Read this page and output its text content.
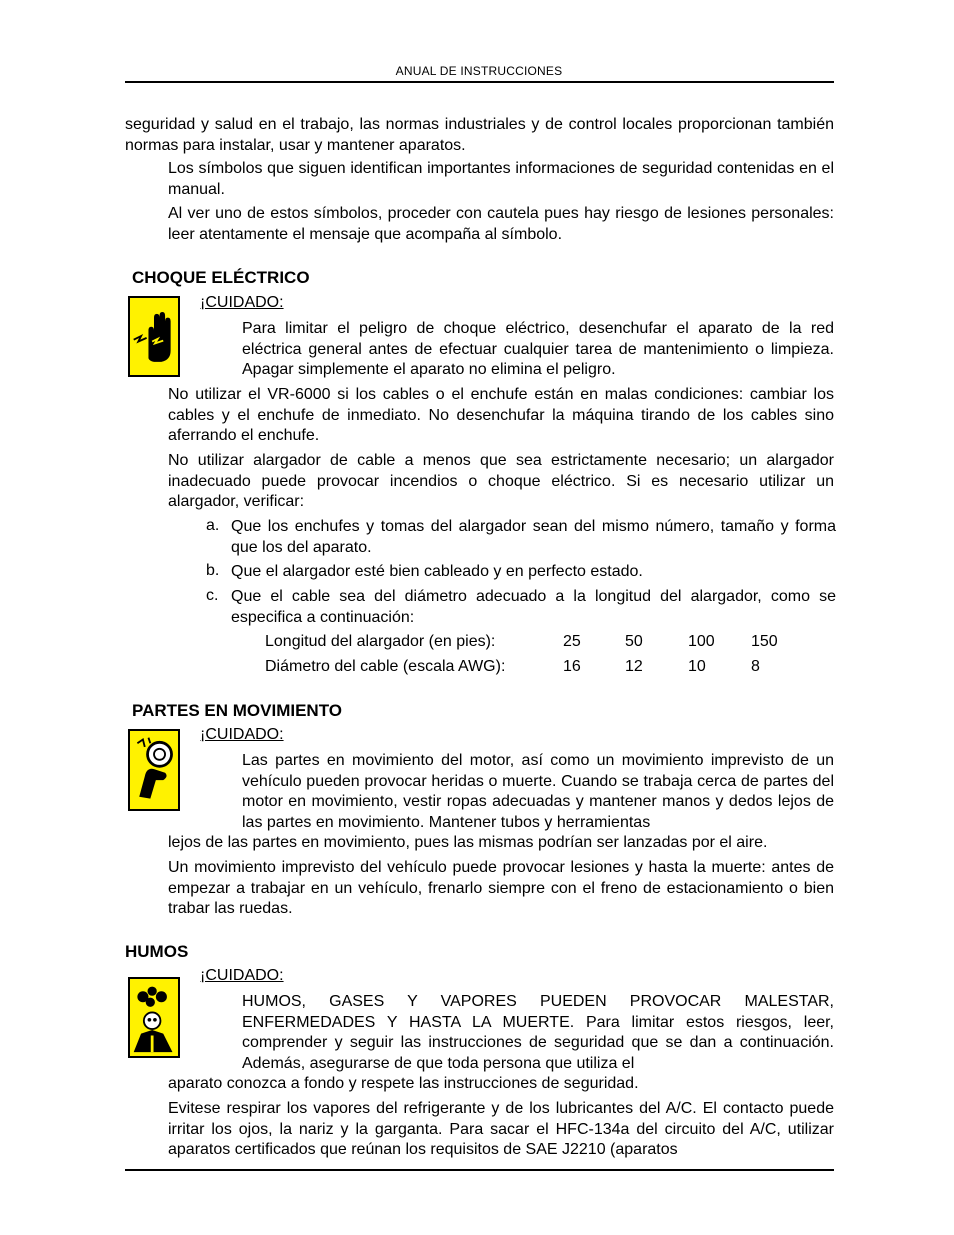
ANUAL DE INSTRUCCIONES
seguridad y salud en el trabajo, las normas industriales y de control locales proporcionan también normas para instalar, usar y mantener aparatos.
Los símbolos que siguen identifican importantes informaciones de seguridad contenidas en el manual.
Al ver uno de estos símbolos, proceder con cautela pues hay riesgo de lesiones personales: leer atentamente el mensaje que acompaña al símbolo.
CHOQUE ELÉCTRICO
¡CUIDADO:
Para limitar el peligro de choque eléctrico, desenchufar el aparato de la red eléctrica general antes de efectuar cualquier tarea de mantenimiento o limpieza. Apagar simplemente el aparato no elimina el peligro.
No utilizar el VR-6000 si los cables o el enchufe están en malas condiciones: cambiar los cables y el enchufe de inmediato. No desenchufar la máquina tirando de los cables sino aferrando el enchufe.
No utilizar alargador de cable a menos que sea estrictamente necesario; un alargador inadecuado puede provocar incendios o choque eléctrico. Si es necesario utilizar un alargador, verificar:
a. Que los enchufes y tomas del alargador sean del mismo número, tamaño y forma que los del aparato.
b. Que el alargador esté bien cableado y en perfecto estado.
c. Que el cable sea del diámetro adecuado a la longitud del alargador, como se especifica a continuación:
Longitud del alargador (en pies):	25	50	100 150
Diámetro del cable (escala AWG):	16	12	10	8
PARTES EN MOVIMIENTO
¡CUIDADO:
Las partes en movimiento del motor, así como un movimiento imprevisto de un vehículo pueden provocar heridas o muerte. Cuando se trabaja cerca de partes del motor en movimiento, vestir ropas adecuadas y mantener manos y dedos lejos de las partes en movimiento. Mantener tubos y herramientas
lejos de las partes en movimiento, pues las mismas podrían ser lanzadas por el aire.
Un movimiento imprevisto del vehículo puede provocar lesiones y hasta la muerte: antes de empezar a trabajar en un vehículo, frenarlo siempre con el freno de estacionamiento o bien trabar las ruedas.
HUMOS
¡CUIDADO:
HUMOS, GASES Y VAPORES PUEDEN PROVOCAR MALESTAR, ENFERMEDADES Y HASTA LA MUERTE. Para limitar estos riesgos, leer, comprender y seguir las instrucciones de seguridad que se dan a continuación. Además, asegurarse de que toda persona que utiliza el
aparato conozca a fondo y respete las instrucciones de seguridad.
Evitese respirar los vapores del refrigerante y de los lubricantes del A/C. El contacto puede irritar los ojos, la nariz y la garganta. Para sacar el HFC-134a del circuito del A/C, utilizar aparatos certificados que reúnan los requisitos de SAE J2210 (aparatos
